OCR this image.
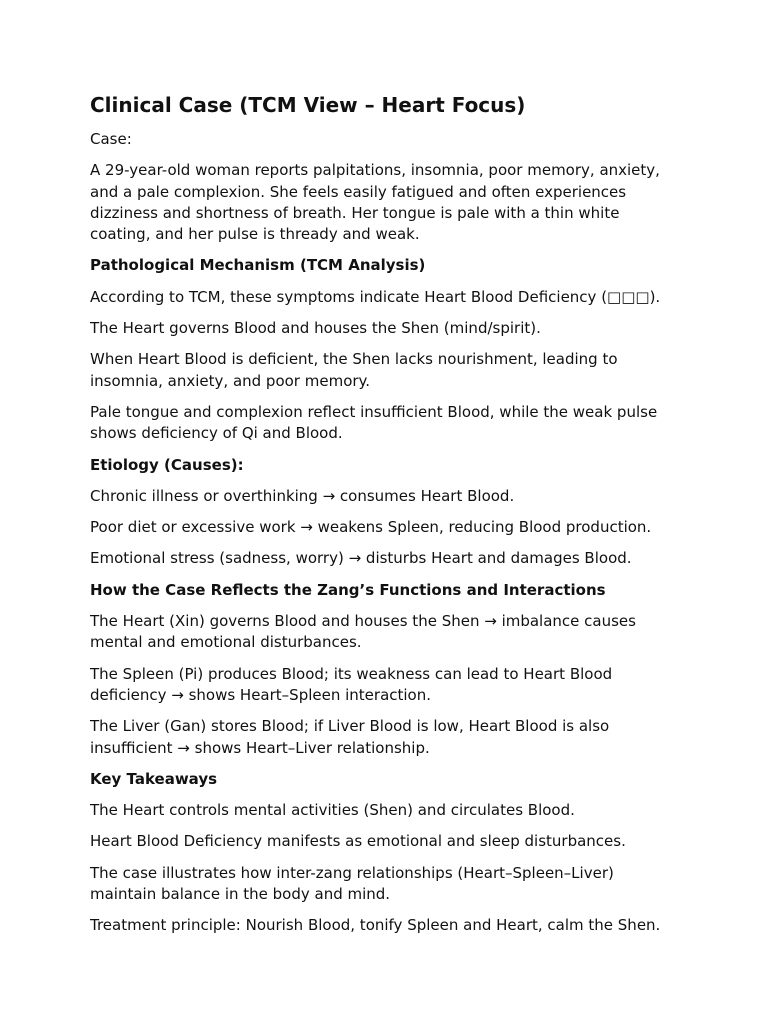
Clinical Case (TCM View – Heart Focus)

Case:

A 29-year-old woman reports palpitations, insomnia, poor memory, anxiety, and a pale complexion. She feels easily fatigued and often experiences dizziness and shortness of breath. Her tongue is pale with a thin white coating, and her pulse is thready and weak.

Pathological Mechanism (TCM Analysis)

According to TCM, these symptoms indicate Heart Blood Deficiency (□□□).

The Heart governs Blood and houses the Shen (mind/spirit).

When Heart Blood is deficient, the Shen lacks nourishment, leading to insomnia, anxiety, and poor memory.

Pale tongue and complexion reflect insufficient Blood, while the weak pulse shows deficiency of Qi and Blood.

Etiology (Causes):

Chronic illness or overthinking → consumes Heart Blood.

Poor diet or excessive work → weakens Spleen, reducing Blood production.

Emotional stress (sadness, worry) → disturbs Heart and damages Blood.

How the Case Reflects the Zang’s Functions and Interactions

The Heart (Xin) governs Blood and houses the Shen → imbalance causes mental and emotional disturbances.

The Spleen (Pi) produces Blood; its weakness can lead to Heart Blood deficiency → shows Heart–Spleen interaction.

The Liver (Gan) stores Blood; if Liver Blood is low, Heart Blood is also insufficient → shows Heart–Liver relationship.

Key Takeaways

The Heart controls mental activities (Shen) and circulates Blood.

Heart Blood Deficiency manifests as emotional and sleep disturbances.

The case illustrates how inter-zang relationships (Heart–Spleen–Liver) maintain balance in the body and mind.

Treatment principle: Nourish Blood, tonify Spleen and Heart, calm the Shen.
